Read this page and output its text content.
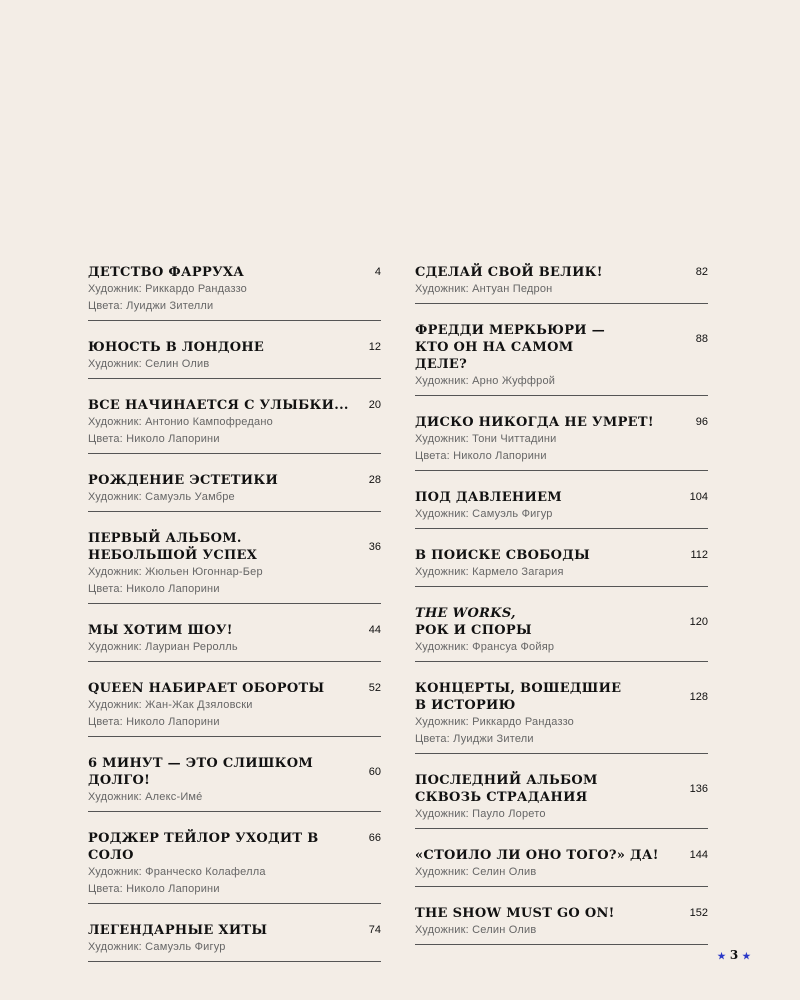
4
ДЕТСТВО ФАРРУХА
Художник: Риккардо Рандаззо
Цвета: Луиджи Зителли
12
ЮНОСТЬ В ЛОНДОНЕ
Художник: Селин Олив
20
ВСЕ НАЧИНАЕТСЯ С УЛЫБКИ...
Художник: Антонио Кампофредано
Цвета: Николо Лапорини
28
РОЖДЕНИЕ ЭСТЕТИКИ
Художник: Самуэль Уамбре
36
ПЕРВЫЙ АЛЬБОМ. НЕБОЛЬШОЙ УСПЕХ
Художник: Жюльен Югоннар-Бер
Цвета: Николо Лапорини
44
МЫ ХОТИМ ШОУ!
Художник: Лауриан Реролль
52
QUEEN НАБИРАЕТ ОБОРОТЫ
Художник: Жан-Жак Дзяловски
Цвета: Николо Лапорини
60
6 МИНУТ — ЭТО СЛИШКОМ ДОЛГО!
Художник: Алекс-Имé
66
РОДЖЕР ТЕЙЛОР УХОДИТ В СОЛО
Художник: Франческо Колафелла
Цвета: Николо Лапорини
74
ЛЕГЕНДАРНЫЕ ХИТЫ
Художник: Самуэль Фигур
82
СДЕЛАЙ СВОЙ ВЕЛИК!
Художник: Антуан Педрон
88
ФРЕДДИ МЕРКЬЮРИ — КТО ОН НА САМОМ ДЕЛЕ?
Художник: Арно Жуффрой
96
ДИСКО НИКОГДА НЕ УМРЕТ!
Художник: Тони Читтадини
Цвета: Николо Лапорини
104
ПОД ДАВЛЕНИЕМ
Художник: Самуэль Фигур
112
В ПОИСКЕ СВОБОДЫ
Художник: Кармело Загария
120
THE WORKS,
РОК И СПОРЫ
Художник: Франсуа Фойяр
128
КОНЦЕРТЫ, ВОШЕДШИЕ В ИСТОРИЮ
Художник: Риккардо Рандаззо
Цвета: Луиджи Зители
136
ПОСЛЕДНИЙ АЛЬБОМ СКВОЗЬ СТРАДАНИЯ
Художник: Пауло Лорето
144
«СТОИЛО ЛИ ОНО ТОГО?» ДА!
Художник: Селин Олив
152
THE SHOW MUST GO ON!
Художник: Селин Олив
★ 3 ★
